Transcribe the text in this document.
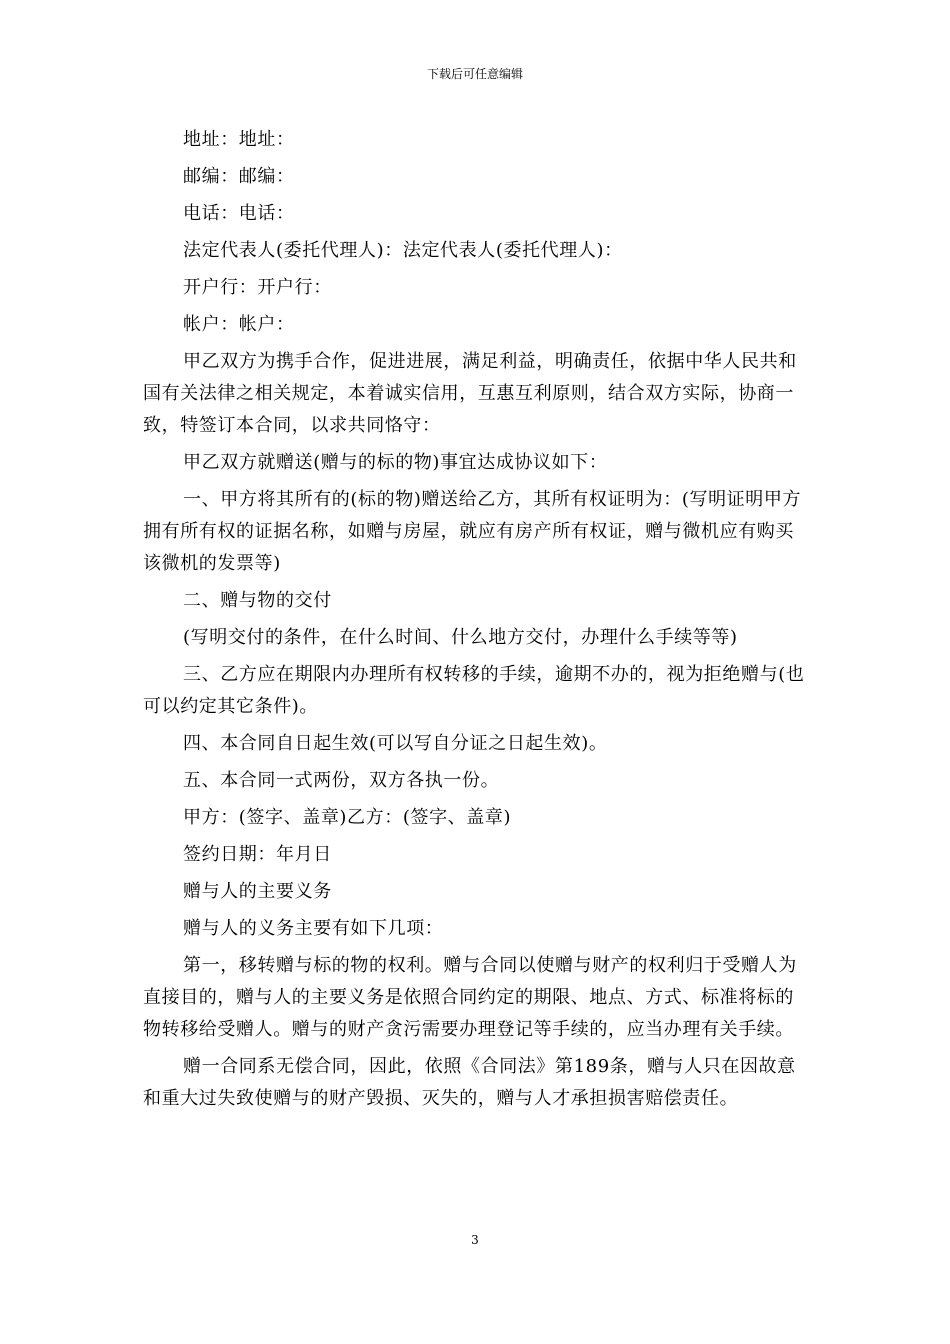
下载后可任意编辑

地址：地址：

邮编：邮编：

电话：电话：

法定代表人(委托代理人)：法定代表人(委托代理人)：

开户行：开户行：

帐户：帐户：

甲乙双方为携手合作，促进进展，满足利益，明确责任，依据中华人民共和国有关法律之相关规定，本着诚实信用，互惠互利原则，结合双方实际，协商一致，特签订本合同，以求共同恪守：

甲乙双方就赠送(赠与的标的物)事宜达成协议如下：

一、甲方将其所有的(标的物)赠送给乙方，其所有权证明为：(写明证明甲方拥有所有权的证据名称，如赠与房屋，就应有房产所有权证，赠与微机应有购买该微机的发票等)

二、赠与物的交付

(写明交付的条件，在什么时间、什么地方交付，办理什么手续等等)

三、乙方应在期限内办理所有权转移的手续，逾期不办的，视为拒绝赠与(也可以约定其它条件)。

四、本合同自日起生效(可以写自分证之日起生效)。

五、本合同一式两份，双方各执一份。

甲方：(签字、盖章)乙方：(签字、盖章)

签约日期：年月日

赠与人的主要义务

赠与人的义务主要有如下几项：

第一，移转赠与标的物的权利。赠与合同以使赠与财产的权利归于受赠人为直接目的，赠与人的主要义务是依照合同约定的期限、地点、方式、标准将标的物转移给受赠人。赠与的财产贪污需要办理登记等手续的，应当办理有关手续。

赠一合同系无偿合同，因此，依照《合同法》第189条，赠与人只在因故意和重大过失致使赠与的财产毁损、灭失的，赠与人才承担损害赔偿责任。

3
